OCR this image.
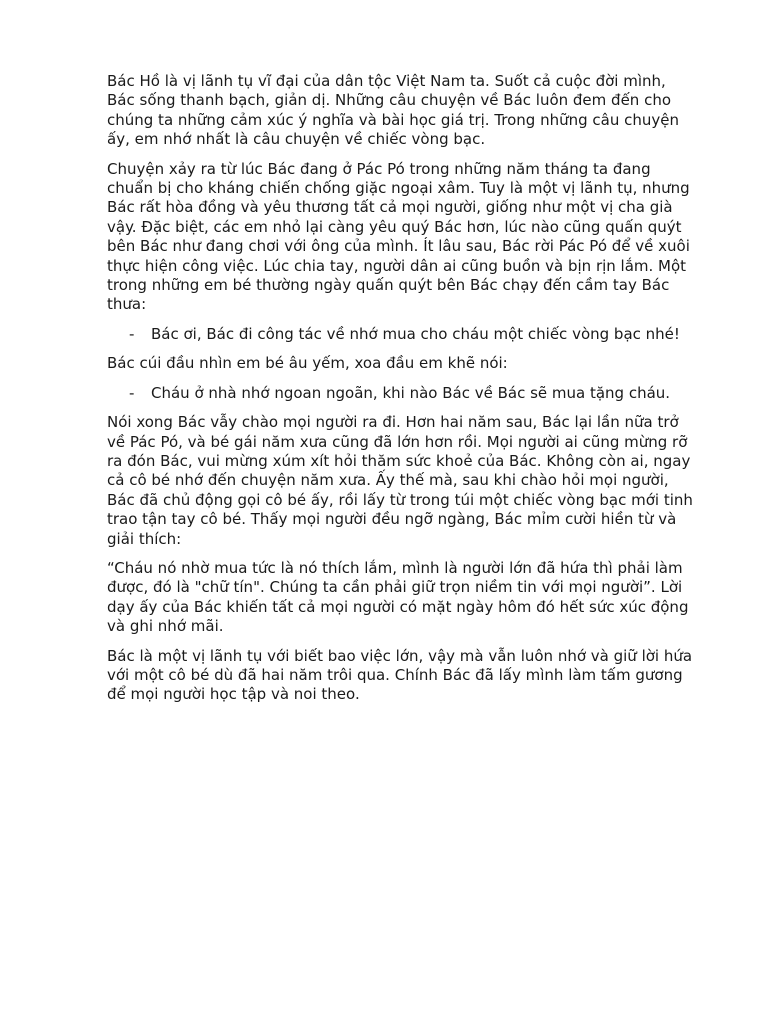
Bác Hồ là vị lãnh tụ vĩ đại của dân tộc Việt Nam ta. Suốt cả cuộc đời mình, Bác sống thanh bạch, giản dị. Những câu chuyện về Bác luôn đem đến cho chúng ta những cảm xúc ý nghĩa và bài học giá trị. Trong những câu chuyện ấy, em nhớ nhất là câu chuyện về chiếc vòng bạc.

Chuyện xảy ra từ lúc Bác đang ở Pác Pó trong những năm tháng ta đang chuẩn bị cho kháng chiến chống giặc ngoại xâm. Tuy là một vị lãnh tụ, nhưng Bác rất hòa đồng và yêu thương tất cả mọi người, giống như một vị cha già vậy. Đặc biệt, các em nhỏ lại càng yêu quý Bác hơn, lúc nào cũng quấn quýt bên Bác như đang chơi với ông của mình. Ít lâu sau, Bác rời Pác Pó để về xuôi thực hiện công việc. Lúc chia tay, người dân ai cũng buồn và bịn rịn lắm. Một trong những em bé thường ngày quấn quýt bên Bác chạy đến cầm tay Bác thưa:

-	Bác ơi, Bác đi công tác về nhớ mua cho cháu một chiếc vòng bạc nhé!

Bác cúi đầu nhìn em bé âu yếm, xoa đầu em khẽ nói:

-	Cháu ở nhà nhớ ngoan ngoãn, khi nào Bác về Bác sẽ mua tặng cháu.

Nói xong Bác vẫy chào mọi người ra đi. Hơn hai năm sau, Bác lại lần nữa trở về Pác Pó, và bé gái năm xưa cũng đã lớn hơn rồi. Mọi người ai cũng mừng rỡ ra đón Bác, vui mừng xúm xít hỏi thăm sức khoẻ của Bác. Không còn ai, ngay cả cô bé nhớ đến chuyện năm xưa. Ấy thế mà, sau khi chào hỏi mọi người, Bác đã chủ động gọi cô bé ấy, rồi lấy từ trong túi một chiếc vòng bạc mới tinh trao tận tay cô bé. Thấy mọi người đều ngỡ ngàng, Bác mỉm cười hiền từ và giải thích:

“Cháu nó nhờ mua tức là nó thích lắm, mình là người lớn đã hứa thì phải làm được, đó là "chữ tín". Chúng ta cần phải giữ trọn niềm tin với mọi người”. Lời dạy ấy của Bác khiến tất cả mọi người có mặt ngày hôm đó hết sức xúc động và ghi nhớ mãi.

Bác là một vị lãnh tụ với biết bao việc lớn, vậy mà vẫn luôn nhớ và giữ lời hứa với một cô bé dù đã hai năm trôi qua. Chính Bác đã lấy mình làm tấm gương để mọi người học tập và noi theo.
